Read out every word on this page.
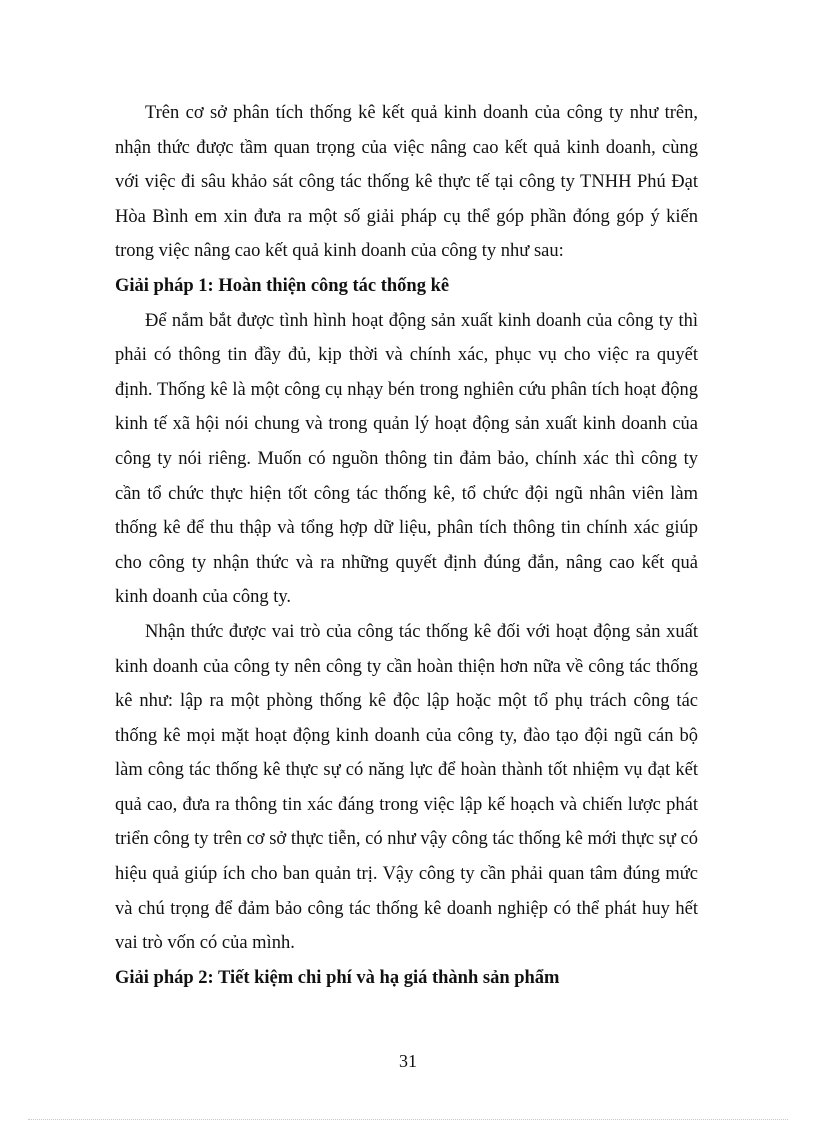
Trên cơ sở phân tích thống kê kết quả kinh doanh của công ty như trên, nhận thức được tầm quan trọng của việc nâng cao kết quả kinh doanh, cùng với việc đi sâu khảo sát công tác thống kê thực tế tại công ty TNHH Phú Đạt Hòa Bình em xin đưa ra một số giải pháp cụ thể góp phần đóng góp ý kiến trong việc nâng cao kết quả kinh doanh của công ty như sau:

Giải pháp 1: Hoàn thiện công tác thống kê

Để nắm bắt được tình hình hoạt động sản xuất kinh doanh của công ty thì phải có thông tin đầy đủ, kịp thời và chính xác, phục vụ cho việc ra quyết định. Thống kê là một công cụ nhạy bén trong nghiên cứu phân tích hoạt động kinh tế xã hội nói chung và trong quản lý hoạt động sản xuất kinh doanh của công ty nói riêng. Muốn có nguồn thông tin đảm bảo, chính xác thì công ty cần tổ chức thực hiện tốt công tác thống kê, tổ chức đội ngũ nhân viên làm thống kê để thu thập và tổng hợp dữ liệu, phân tích thông tin chính xác giúp cho công ty nhận thức và ra những quyết định đúng đắn, nâng cao kết quả kinh doanh của công ty.

Nhận thức được vai trò của công tác thống kê đối với hoạt động sản xuất kinh doanh của công ty nên công ty cần hoàn thiện hơn nữa về công tác thống kê như: lập ra một phòng thống kê độc lập hoặc một tổ phụ trách công tác thống kê mọi mặt hoạt động kinh doanh của công ty, đào tạo đội ngũ cán bộ làm công tác thống kê thực sự có năng lực để hoàn thành tốt nhiệm vụ đạt kết quả cao, đưa ra thông tin xác đáng trong việc lập kế hoạch và chiến lược phát triển công ty trên cơ sở thực tiễn, có như vậy công tác thống kê mới thực sự có hiệu quả giúp ích cho ban quản trị. Vậy công ty cần phải quan tâm đúng mức và chú trọng để đảm bảo công tác thống kê doanh nghiệp có thể phát huy hết vai trò vốn có của mình.

Giải pháp 2: Tiết kiệm chi phí và hạ giá thành sản phẩm

31
